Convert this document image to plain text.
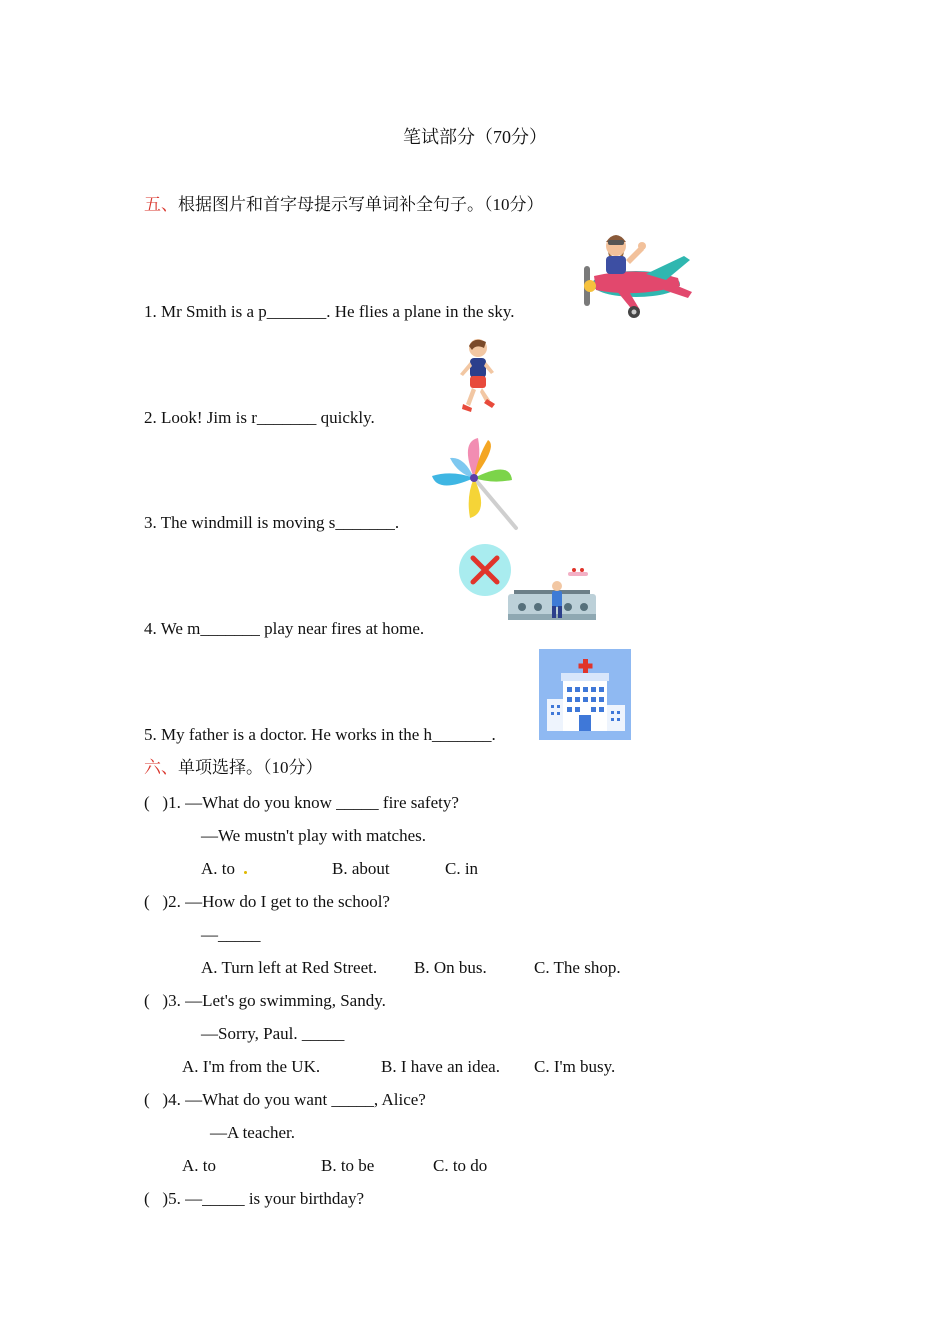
笔试部分（70分）
五、根据图片和首字母提示写单词补全句子。（10分）
1. Mr Smith is a p_______. He flies a plane in the sky.
2. Look! Jim is r_______ quickly.
3. The windmill is moving s_______.
4. We m_______ play near fires at home.
5. My father is a doctor. He works in the h_______.
六、单项选择。（10分）
(   )1. —What do you know _____ fire safety?
—We mustn't play with matches.
A. to	B. about	C. in
(   )2. —How do I get to the school?
—_____
A. Turn left at Red Street. B. On bus.	C. The shop.
(   )3. —Let's go swimming, Sandy.
—Sorry, Paul. _____
A. I'm from the UK.	B. I have an idea. C. I'm busy.
(   )4. —What do you want _____, Alice?
—A teacher.
A. to	B. to be	C. to do
(   )5. —_____ is your birthday?
